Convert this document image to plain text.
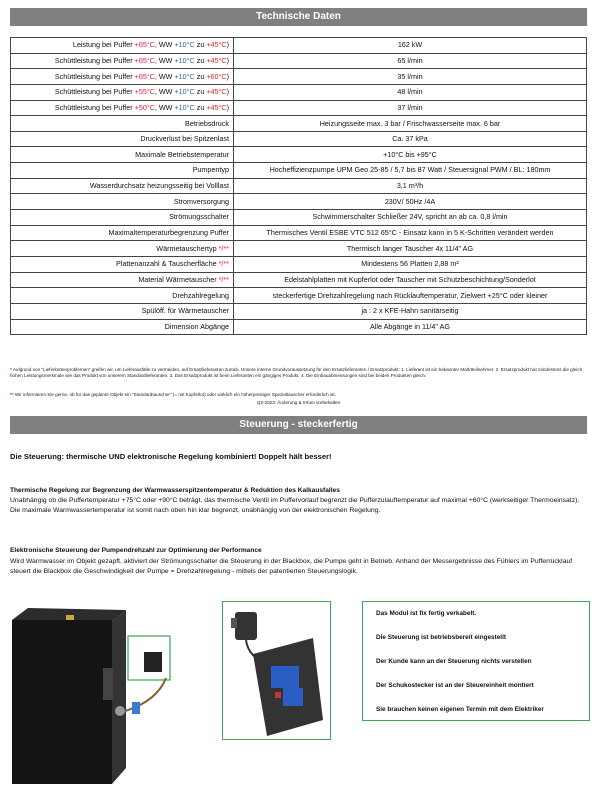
Technische Daten
Leistung bei Puffer +65°C, WW +10°C zu +45°C)	162 kW
Schüttleistung bei Puffer +65°C, WW +10°C zu +45°C)	65 l/min
Schüttleistung bei Puffer +65°C, WW +10°C zu +60°C)	35 l/min
Schüttleistung bei Puffer +55°C, WW +10°C zu +45°C)	48 l/min
Schüttleistung bei Puffer +50°C, WW +10°C zu +45°C)	37 l/min
Betriebsdruck	Heizungsseite max. 3 bar / Frischwasserseite max. 6 bar
Druckverlust bei Spitzenlast	Ca. 37 kPa
Maximale Betriebstemperatur	+10°C bis +95°C
Pumpentyp	Hocheffizienzpumpe UPM Geo 25-85 / 5,7 bis 87 Watt / Steuersignal PWM / BL: 180mm
Wasserdurchsatz heizungsseitig bei Volllast	3,1 m³/h
Stromversorgung	230V/ 50Hz /4A
Strömungsschalter	Schwimmerschalter Schließer 24V, spricht an ab ca. 0,8 l/min
Maximaltemperaturbegrenzung Puffer	Thermisches Ventil ESBE VTC 512 65°C - Einsatz kann in 5 K-Schritten verändert werden
Wärmetauschertyp */**	Thermisch langer Tauscher 4x 11/4" AG
Plattenanzahl & Tauscherfläche */**	Mindestens 56 Platten 2,88 m²
Material Wärmetauscher */**	Edelstahlplatten mit Kupferlot oder Tauscher mit Schutzbeschichtung/Sonderlot
Drehzahlregelung	steckerfertige Drehzahlregelung nach Rücklauftemperatur, Zielwert +25°C oder kleiner
Spülöff. für Wärmetauscher	ja : 2 x KFE-Hahn sanitärseitig
Dimension Abgänge	Alle Abgänge in 11/4" AG
* Aufgrund von "Lieferkettenproblemen" greifen wir, um Lieferausfälle zu vermeiden, auf Ersatzlieferanten zurück. Unsere interne Grundvoraussetzung für den Ersatzlieferanten / Ersatzprodukt: 1. Lieferant ist ein bekannter Marktteilnehmer. 2. Ersatzprodukt hat mindestens die gleich hohen Leistungsmerkmale wie das Produkt von unserem Standardlieferanten. 3. Das Ersatzprodukt ist beim Lieferanten ein gängiges Produkt. 4. Die Einbauabmessungen sind bei beiden Produkten gleich.
** Wir informieren Sie gerne, ob für das geplante Objekt ein "Standardtauscher" (= mit Kupferlot) oder wirklich ein höherpreisiger Spezialtauscher erforderlich ist.
Q2-2023: Änderung & Irrtum vorbehalten
Steuerung - steckerfertig
Die Steuerung: thermische UND elektronische Regelung kombiniert! Doppelt hält besser!
Thermische Regelung zur Begrenzung der Warmwasserspitzentemperatur & Reduktion des Kalkausfalles
Unabhängig ob die Puffertemperatur +75°C oder +90°C beträgt, das thermische Ventil im Puffervorlauf begrenzt die Pufferzulauftemperatur auf maximal +60°C (werkseitiger Thermoeinsatz). Die maximale Warmwassertemperatur ist somit nach oben hin klar begrenzt, unabhängig von der elektronischen Regelung.
Elektronische Steuerung der Pumpendrehzahl zur Optimierung der Performance
Wird Warmwasser im Objekt gezapft, aktiviert der Strömungsschalter die Steuerung in der Blackbox, die Pumpe geht in Betrieb. Anhand der Messergebnisse des Fühlers im Pufferrücklauf steuert die Blackbox die Geschwindigkeit der Pumpe = Drehzahlregelung - mittels der patentierten Steuerungslogik.
Das Modul ist fix fertig verkabelt.
Die Steuerung ist betriebsbereit eingestellt
Der Kunde kann an der Steuerung nichts verstellen
Der Schukostecker ist an der Steuereinheit montiert
Sie brauchen keinen eigenen Termin mit dem Elektriker
